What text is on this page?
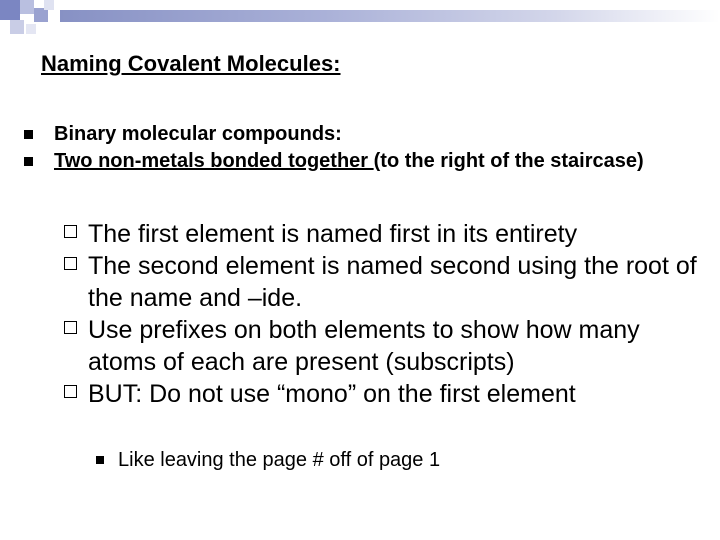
Naming Covalent Molecules:
Binary molecular compounds:
Two non-metals bonded together (to the right of the staircase)
The first element is named first in its entirety
The second element is named second using the root of the name and –ide.
Use prefixes on both elements to show how many atoms of each are present (subscripts)
BUT: Do not use “mono” on the first element
Like leaving the page # off of page 1
